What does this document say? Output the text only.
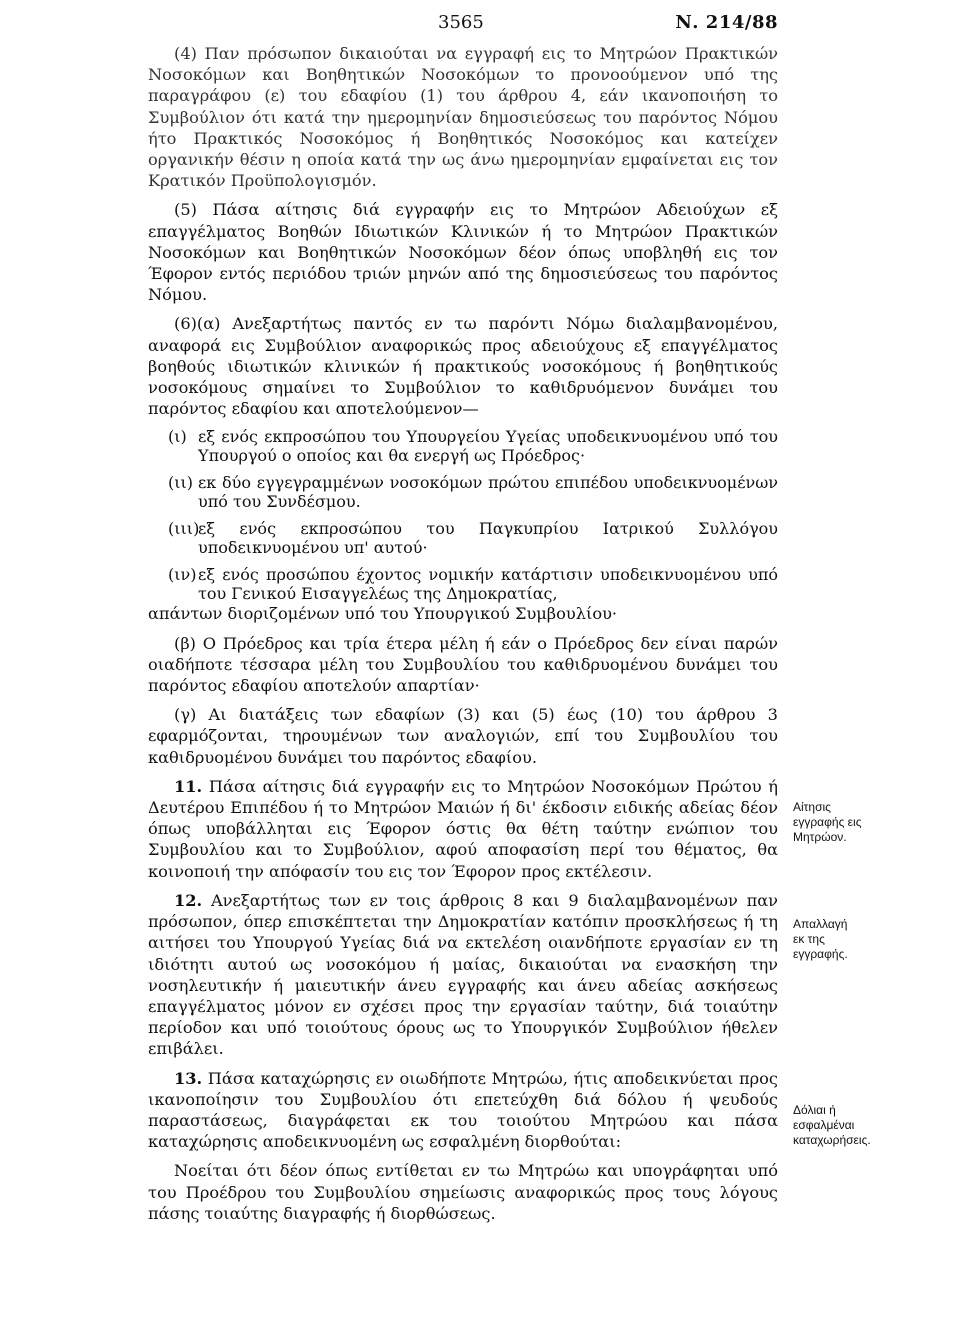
3565	Ν. 214/88

(4) Παν πρόσωπον δικαιούται να εγγραφή εις το Μητρώον Πρακτικών Νοσοκόμων και Βοηθητικών Νοσοκόμων το προνοούμενον υπό της παραγράφου (ε) του εδαφίου (1) του άρθρου 4, εάν ικανοποιήση το Συμβούλιον ότι κατά την ημερομηνίαν δημοσιεύσεως του παρόντος Νόμου ήτο Πρακτικός Νοσοκόμος ή Βοηθητικός Νοσοκόμος και κατείχεν οργανικήν θέσιν η οποία κατά την ως άνω ημερομηνίαν εμφαίνεται εις τον Κρατικόν Προϋπολογισμόν.

(5) Πάσα αίτησις διά εγγραφήν εις το Μητρώον Αδειούχων εξ επαγγέλματος Βοηθών Ιδιωτικών Κλινικών ή το Μητρώον Πρακτικών Νοσοκόμων και Βοηθητικών Νοσοκόμων δέον όπως υποβληθή εις τον Έφορον εντός περιόδου τριών μηνών από της δημοσιεύσεως του παρόντος Νόμου.

(6)(α) Ανεξαρτήτως παντός εν τω παρόντι Νόμω διαλαμβανομένου, αναφορά εις Συμβούλιον αναφορικώς προς αδειούχους εξ επαγγέλματος βοηθούς ιδιωτικών κλινικών ή πρακτικούς νοσοκόμους ή βοηθητικούς νοσοκόμους σημαίνει το Συμβούλιον το καθιδρυόμενον δυνάμει του παρόντος εδαφίου και αποτελούμενον—

(ι) εξ ενός εκπροσώπου του Υπουργείου Υγείας υποδεικνυομένου υπό του Υπουργού ο οποίος και θα ενεργή ως Πρόεδρος·
(ιι) εκ δύο εγγεγραμμένων νοσοκόμων πρώτου επιπέδου υποδεικνυομένων υπό του Συνδέσμου.
(ιιι)
εξ ενός εκπροσώπου του Παγκυπρίου Ιατρικού Συλλόγου υποδεικνυομένου υπ' αυτού·
(ιν) εξ ενός προσώπου έχοντος νομικήν κατάρτισιν υποδεικνυομένου υπό του Γενικού Εισαγγελέως της Δημοκρατίας,

απάντων διοριζομένων υπό του Υπουργικού Συμβουλίου·

(β) Ο Πρόεδρος και τρία έτερα μέλη ή εάν ο Πρόεδρος δεν είναι παρών οιαδήποτε τέσσαρα μέλη του Συμβουλίου του καθιδρυομένου δυνάμει του παρόντος εδαφίου αποτελούν απαρτίαν·

(γ) Αι διατάξεις των εδαφίων (3) και (5) έως (10) του άρθρου 3 εφαρμόζονται, τηρουμένων των αναλογιών, επί του Συμβουλίου του καθιδρυομένου δυνάμει του παρόντος εδαφίου.

11. Πάσα αίτησις διά εγγραφήν εις το Μητρώον Νοσοκόμων Πρώτου ή Δευτέρου Επιπέδου ή το Μητρώον Μαιών ή δι' έκδοσιν ειδικής αδείας δέον όπως υποβάλληται εις Έφορον όστις θα θέτη ταύτην ενώπιον του Συμβουλίου και το Συμβούλιον, αφού αποφασίση περί του θέματος, θα κοινοποιή την απόφασίν του εις τον Έφορον προς εκτέλεσιν.

12. Ανεξαρτήτως των εν τοις άρθροις 8 και 9 διαλαμβανομένων παν πρόσωπον, όπερ επισκέπτεται την Δημοκρατίαν κατόπιν προσκλήσεως ή τη αιτήσει του Υπουργού Υγείας διά να εκτελέση οιανδήποτε εργασίαν εν τη ιδιότητι αυτού ως νοσοκόμου ή μαίας, δικαιούται να ενασκήση την νοσηλευτικήν ή μαιευτικήν άνευ εγγραφής και άνευ αδείας ασκήσεως επαγγέλματος μόνον εν σχέσει προς την εργασίαν ταύτην, διά τοιαύτην περίοδον και υπό τοιούτους όρους ως το Υπουργικόν Συμβούλιον ήθελεν επιβάλει.

13. Πάσα καταχώρησις εν οιωδήποτε Μητρώω, ήτις αποδεικνύεται προς ικανοποίησιν του Συμβουλίου ότι επετεύχθη διά δόλου ή ψευδούς παραστάσεως, διαγράφεται εκ του τοιούτου Μητρώου και πάσα καταχώρησις αποδεικνυομένη ως εσφαλμένη διορθούται:

Νοείται ότι δέον όπως εντίθεται εν τω Μητρώω και υπογράφηται υπό του Προέδρου του Συμβουλίου σημείωσις αναφορικώς προς τους λόγους πάσης τοιαύτης διαγραφής ή διορθώσεως.

Αίτησις
εγγραφής εις
Μητρώον.
Απαλλαγή
εκ της
εγγραφής.
Δόλιαι ή
εσφαλμέναι
καταχωρήσεις.
